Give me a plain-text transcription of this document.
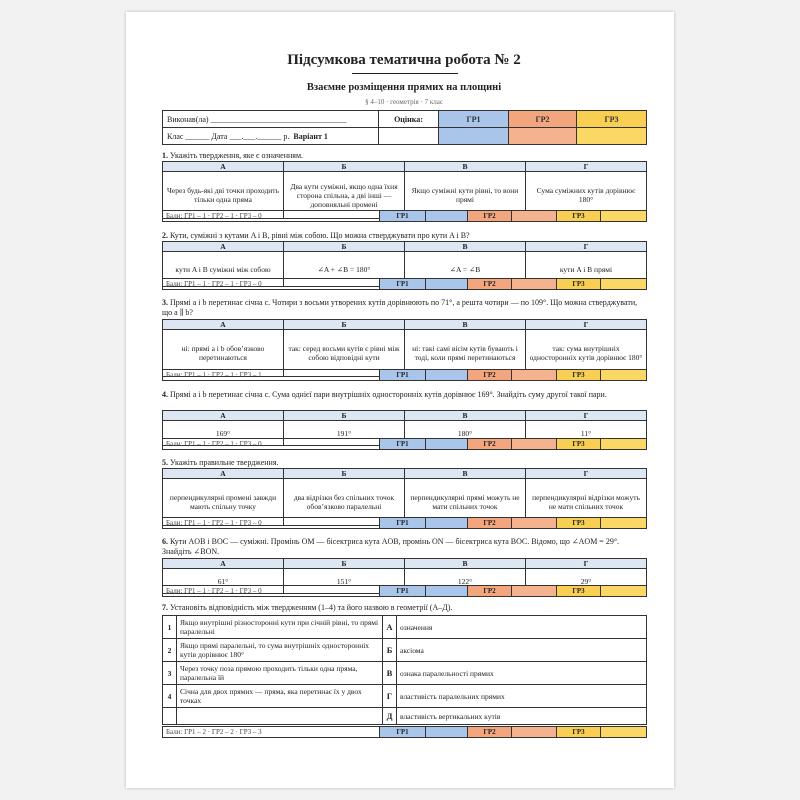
Підсумкова тематична робота № 2
Взаємне розміщення прямих на площині
§ 4–10 · геометрія · 7 клас
Виконав(ла) __________________________________	Оцінка:	ГР1	ГР2	ГР3
Клас ______ Дата ___.___.______ р. Варіант 1				
1. Укажіть твердження, яке є означенням.
А	Б	В	Г
Через будь-які дві точки проходить тільки одна пряма	Два кути суміжні, якщо одна їхня сторона спільна, а дві інші — доповняльні промені	Якщо суміжні кути рівні, то вони прямі	Сума суміжних кутів дорівнює 180°
Бали: ГР1 – 1 · ГР2 – 1 · ГР3 – 0	ГР1		ГР2		ГР3	
2. Кути, суміжні з кутами A і B, рівні між собою. Що можна стверджувати про кути A і B?
А	Б	В	Г
кути A і B суміжні між собою	∠A + ∠B = 180°	∠A = ∠B	кути A і B прямі
Бали: ГР1 – 1 · ГР2 – 1 · ГР3 – 0	ГР1		ГР2		ГР3	
3. Прямі a і b перетинає січна c. Чотири з восьми утворених кутів дорівнюють по 71°, а решта чотири — по 109°. Що можна стверджувати, що a ∥ b?
А	Б	В	Г
ні: прямі a і b обов’язково перетинаються	так: серед восьми кутів є рівні між собою відповідні кути	ні: такі самі вісім кутів бувають і тоді, коли прямі перетинаються	так: сума внутрішніх односторонніх кутів дорівнює 180°
Бали: ГР1 – 1 · ГР2 – 1 · ГР3 – 1	ГР1		ГР2		ГР3	
4. Прямі a і b перетинає січна c. Сума однієї пари внутрішніх односторонніх кутів дорівнює 169°. Знайдіть суму другої такої пари.
А	Б	В	Г
169°	191°	180°	11°
Бали: ГР1 – 1 · ГР2 – 1 · ГР3 – 0	ГР1		ГР2		ГР3	
5. Укажіть правильне твердження.
А	Б	В	Г
перпендикулярні промені завжди мають спільну точку	два відрізки без спільних точок обов’язково паралельні	перпендикулярні прямі можуть не мати спільних точок	перпендикулярні відрізки можуть не мати спільних точок
Бали: ГР1 – 1 · ГР2 – 1 · ГР3 – 0	ГР1		ГР2		ГР3	
6. Кути AOB і BOC — суміжні. Промінь OM — бісектриса кута AOB, промінь ON — бісектриса кута BOC. Відомо, що ∠AOM = 29°. Знайдіть ∠BON.
А	Б	В	Г
61°	151°	122°	29°
Бали: ГР1 – 1 · ГР2 – 1 · ГР3 – 0	ГР1		ГР2		ГР3	
7. Установіть відповідність між твердженням (1–4) та його назвою в геометрії (А–Д).
1	Якщо внутрішні різносторонні кути при січній рівні, то прямі паралельні	А	означення
2	Якщо прямі паралельні, то сума внутрішніх односторонніх кутів дорівнює 180°	Б	аксіома
3	Через точку поза прямою проходить тільки одна пряма, паралельна їй	В	ознака паралельності прямих
4	Січна для двох прямих — пряма, яка перетинає їх у двох точках	Г	властивість паралельних прямих
		Д	властивість вертикальних кутів
Бали: ГР1 – 2 · ГР2 – 2 · ГР3 – 3	ГР1		ГР2		ГР3	
